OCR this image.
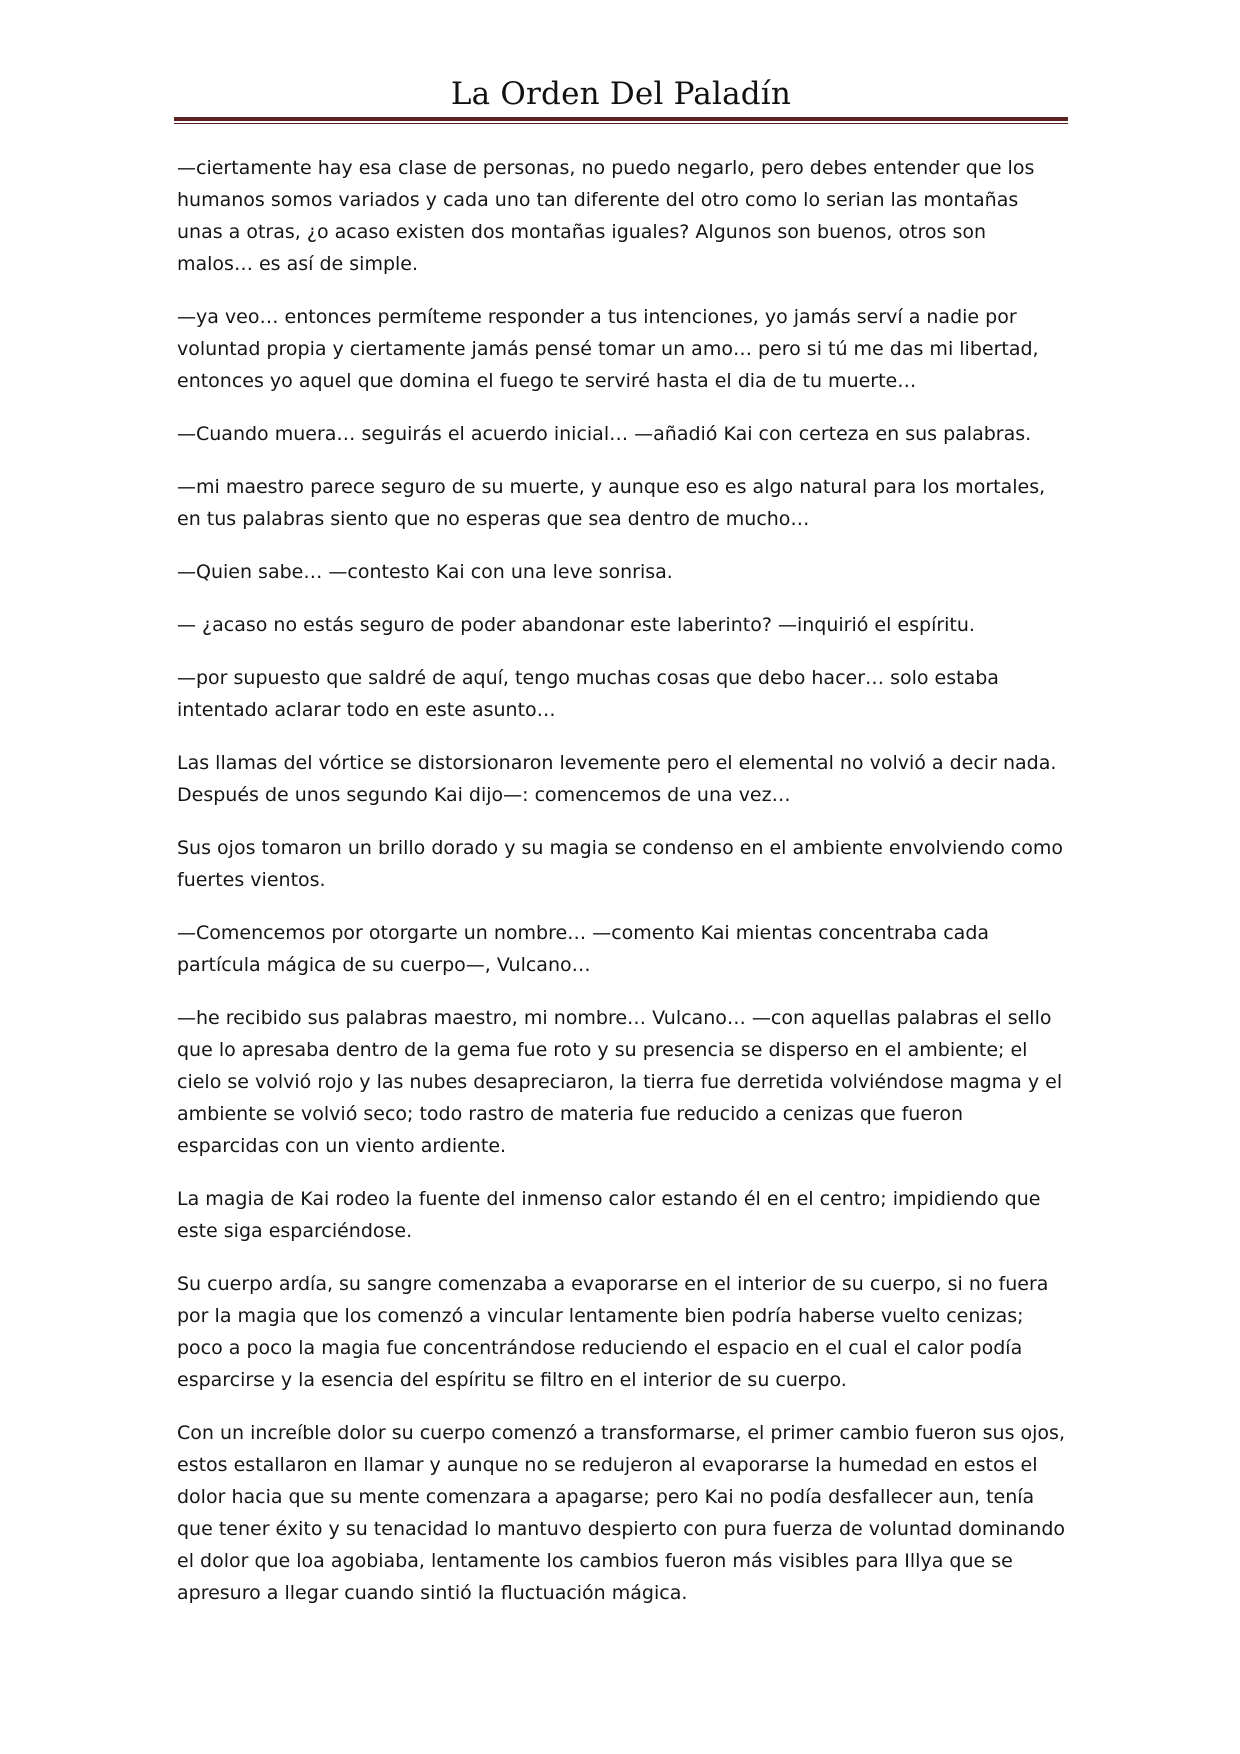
La Orden Del Paladín

—ciertamente hay esa clase de personas, no puedo negarlo, pero debes entender que los humanos somos variados y cada uno tan diferente del otro como lo serian las montañas unas a otras, ¿o acaso existen dos montañas iguales? Algunos son buenos, otros son malos… es así de simple.

—ya veo… entonces permíteme responder a tus intenciones, yo jamás serví a nadie por voluntad propia y ciertamente jamás pensé tomar un amo… pero si tú me das mi libertad, entonces yo aquel que domina el fuego te serviré hasta el dia de tu muerte…

—Cuando muera… seguirás el acuerdo inicial… —añadió Kai con certeza en sus palabras.

—mi maestro parece seguro de su muerte, y aunque eso es algo natural para los mortales, en tus palabras siento que no esperas que sea dentro de mucho…

—Quien sabe… —contesto Kai con una leve sonrisa.

— ¿acaso no estás seguro de poder abandonar este laberinto? —inquirió el espíritu.

—por supuesto que saldré de aquí, tengo muchas cosas que debo hacer… solo estaba intentado aclarar todo en este asunto…

Las llamas del vórtice se distorsionaron levemente pero el elemental no volvió a decir nada. Después de unos segundo Kai dijo—: comencemos de una vez…

Sus ojos tomaron un brillo dorado y su magia se condenso en el ambiente envolviendo como fuertes vientos.

—Comencemos por otorgarte un nombre… —comento Kai mientas concentraba cada partícula mágica de su cuerpo—, Vulcano…

—he recibido sus palabras maestro, mi nombre… Vulcano… —con aquellas palabras el sello que lo apresaba dentro de la gema fue roto y su presencia se disperso en el ambiente; el cielo se volvió rojo y las nubes desapreciaron, la tierra fue derretida volviéndose magma y el ambiente se volvió seco; todo rastro de materia fue reducido a cenizas que fueron esparcidas con un viento ardiente.

La magia de Kai rodeo la fuente del inmenso calor estando él en el centro; impidiendo que este siga esparciéndose.

Su cuerpo ardía, su sangre comenzaba a evaporarse en el interior de su cuerpo, si no fuera por la magia que los comenzó a vincular lentamente bien podría haberse vuelto cenizas; poco a poco la magia fue concentrándose reduciendo el espacio en el cual el calor podía esparcirse y la esencia del espíritu se filtro en el interior de su cuerpo.

Con un increíble dolor su cuerpo comenzó a transformarse, el primer cambio fueron sus ojos, estos estallaron en llamar y aunque no se redujeron al evaporarse la humedad en estos el dolor hacia que su mente comenzara a apagarse; pero Kai no podía desfallecer aun, tenía que tener éxito y su tenacidad lo mantuvo despierto con pura fuerza de voluntad dominando el dolor que loa agobiaba, lentamente los cambios fueron más visibles para Illya que se apresuro a llegar cuando sintió la fluctuación mágica.
